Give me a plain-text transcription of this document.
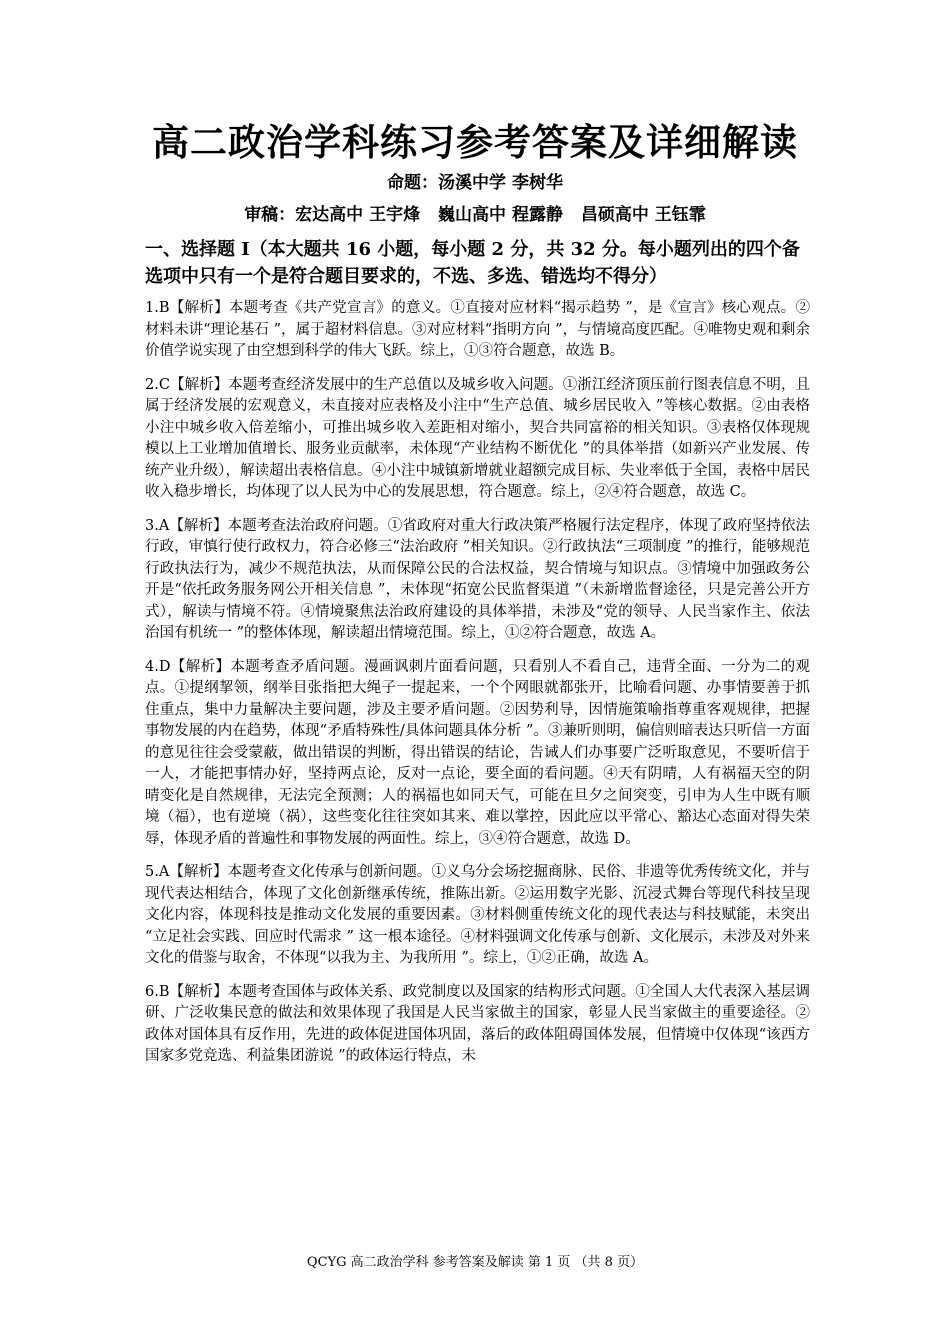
高二政治学科练习参考答案及详细解读
命题：汤溪中学 李树华
审稿：宏达高中 王宇烽 巍山高中 程露静 昌硕高中 王钰霏
一、选择题 Ⅰ（本大题共 16 小题，每小题 2 分，共 32 分。每小题列出的四个备选项中只有一个是符合题目要求的，不选、多选、错选均不得分）

1.B【解析】本题考查《共产党宣言》的意义。①直接对应材料“揭示趋势 ”，是《宣言》核心观点。②材料未讲“理论基石 ”，属于超材料信息。③对应材料“指明方向 ”，与情境高度匹配。④唯物史观和剩余价值学说实现了由空想到科学的伟大飞跃。综上，①③符合题意，故选 B。

2.C【解析】本题考查经济发展中的生产总值以及城乡收入问题。①浙江经济顶压前行图表信息不明，且属于经济发展的宏观意义，未直接对应表格及小注中“生产总值、城乡居民收入 ”等核心数据。②由表格小注中城乡收入倍差缩小，可推出城乡收入差距相对缩小，契合共同富裕的相关知识。③表格仅体现规模以上工业增加值增长、服务业贡献率，未体现“产业结构不断优化 ”的具体举措（如新兴产业发展、传统产业升级），解读超出表格信息。④小注中城镇新增就业超额完成目标、失业率低于全国，表格中居民收入稳步增长，均体现了以人民为中心的发展思想，符合题意。综上，②④符合题意，故选 C。

3.A【解析】本题考查法治政府问题。①省政府对重大行政决策严格履行法定程序，体现了政府坚持依法行政，审慎行使行政权力，符合必修三“法治政府 ”相关知识。②行政执法“三项制度 ”的推行，能够规范行政执法行为，减少不规范执法，从而保障公民的合法权益，契合情境与知识点。③情境中加强政务公开是“依托政务服务网公开相关信息 ”，未体现“拓宽公民监督渠道 ”（未新增监督途径，只是完善公开方式），解读与情境不符。④情境聚焦法治政府建设的具体举措，未涉及“党的领导、人民当家作主、依法治国有机统一 ”的整体体现，解读超出情境范围。综上，①②符合题意，故选 A。

4.D【解析】本题考查矛盾问题。漫画讽刺片面看问题，只看别人不看自己，违背全面、一分为二的观点。①提纲挈领，纲举目张指把大绳子一提起来，一个个网眼就都张开，比喻看问题、办事情要善于抓住重点，集中力量解决主要问题，涉及主要矛盾问题。②因势利导，因情施策喻指尊重客观规律，把握事物发展的内在趋势，体现“矛盾特殊性/具体问题具体分析 ”。③兼听则明，偏信则暗表达只听信一方面的意见往往会受蒙蔽，做出错误的判断，得出错误的结论，告诫人们办事要广泛听取意见，不要听信于一人，才能把事情办好，坚持两点论，反对一点论，要全面的看问题。④天有阴晴，人有祸福天空的阴晴变化是自然规律，无法完全预测；人的祸福也如同天气，可能在旦夕之间突变，引申为人生中既有顺境（福），也有逆境（祸），这些变化往往突如其来、难以掌控，因此应以平常心、豁达心态面对得失荣辱，体现矛盾的普遍性和事物发展的两面性。综上，③④符合题意，故选 D。

5.A【解析】本题考查文化传承与创新问题。①义乌分会场挖掘商脉、民俗、非遗等优秀传统文化，并与现代表达相结合，体现了文化创新继承传统，推陈出新。②运用数字光影、沉浸式舞台等现代科技呈现文化内容，体现科技是推动文化发展的重要因素。③材料侧重传统文化的现代表达与科技赋能，未突出 “立足社会实践、回应时代需求 ” 这一根本途径。④材料强调文化传承与创新、文化展示，未涉及对外来文化的借鉴与取舍，不体现“以我为主、为我所用 ”。综上，①②正确，故选 A。

6.B【解析】本题考查国体与政体关系、政党制度以及国家的结构形式问题。①全国人大代表深入基层调研、广泛收集民意的做法和效果体现了我国是人民当家做主的国家，彰显人民当家做主的重要途径。②政体对国体具有反作用，先进的政体促进国体巩固，落后的政体阻碍国体发展，但情境中仅体现“该西方国家多党竞选、利益集团游说 ”的政体运行特点，未

QCYG 高二政治学科 参考答案及解读 第 1 页 （共 8 页）
